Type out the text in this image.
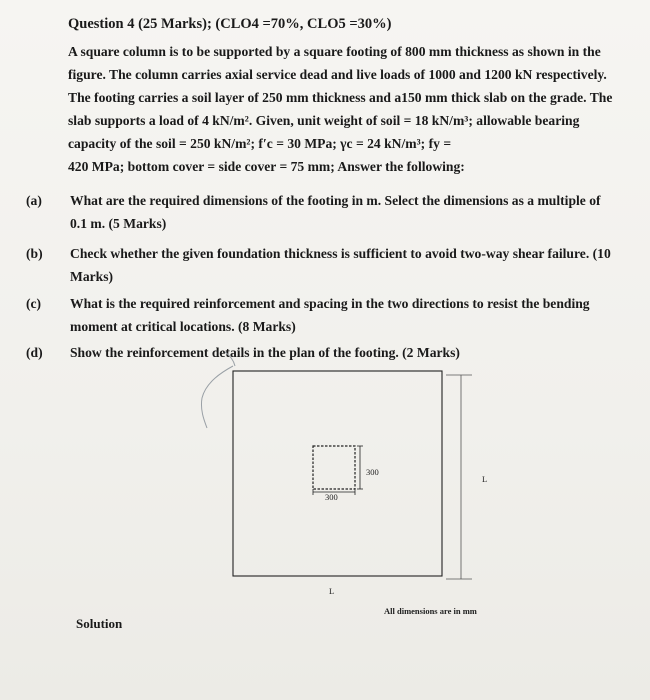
Question 4 (25 Marks); (CLO4 =70%, CLO5 =30%)
A square column is to be supported by a square footing of 800 mm thickness as shown in the
figure. The column carries axial service dead and live loads of 1000 and 1200 kN respectively.
The footing carries a soil layer of 250 mm thickness and a150 mm thick slab on the grade. The
slab supports a load of 4 kN/m². Given, unit weight of soil = 18 kN/m³; allowable bearing
capacity of the soil = 250 kN/m²; f′c = 30 MPa; γc = 24 kN/m³; fy =
420 MPa; bottom cover = side cover = 75 mm; Answer the following:
(a) What are the required dimensions of the footing in m. Select the dimensions as a multiple of
0.1 m. (5 Marks)
(b) Check whether the given foundation thickness is sufficient to avoid two-way shear failure. (10
Marks)
(c) What is the required reinforcement and spacing in the two directions to resist the bending
moment at critical locations. (8 Marks)
(d) Show the reinforcement details in the plan of the footing. (2 Marks)
300
300
L
L
All dimensions are in mm
Solution
